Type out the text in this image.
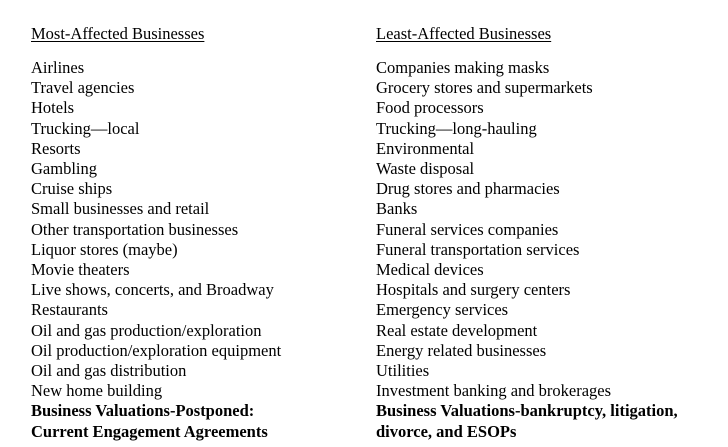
Most-Affected Businesses
Airlines
Travel agencies
Hotels
Trucking—local
Resorts
Gambling
Cruise ships
Small businesses and retail
Other transportation businesses
Liquor stores (maybe)
Movie theaters
Live shows, concerts, and Broadway
Restaurants
Oil and gas production/exploration
Oil production/exploration equipment
Oil and gas distribution
New home building
Business Valuations-Postponed:
Current Engagement Agreements
Least-Affected Businesses
Companies making masks
Grocery stores and supermarkets
Food processors
Trucking—long-hauling
Environmental
Waste disposal
Drug stores and pharmacies
Banks
Funeral services companies
Funeral transportation services
Medical devices
Hospitals and surgery centers
Emergency services
Real estate development
Energy related businesses
Utilities
Investment banking and brokerages
Business Valuations-bankruptcy, litigation,
divorce, and ESOPs
